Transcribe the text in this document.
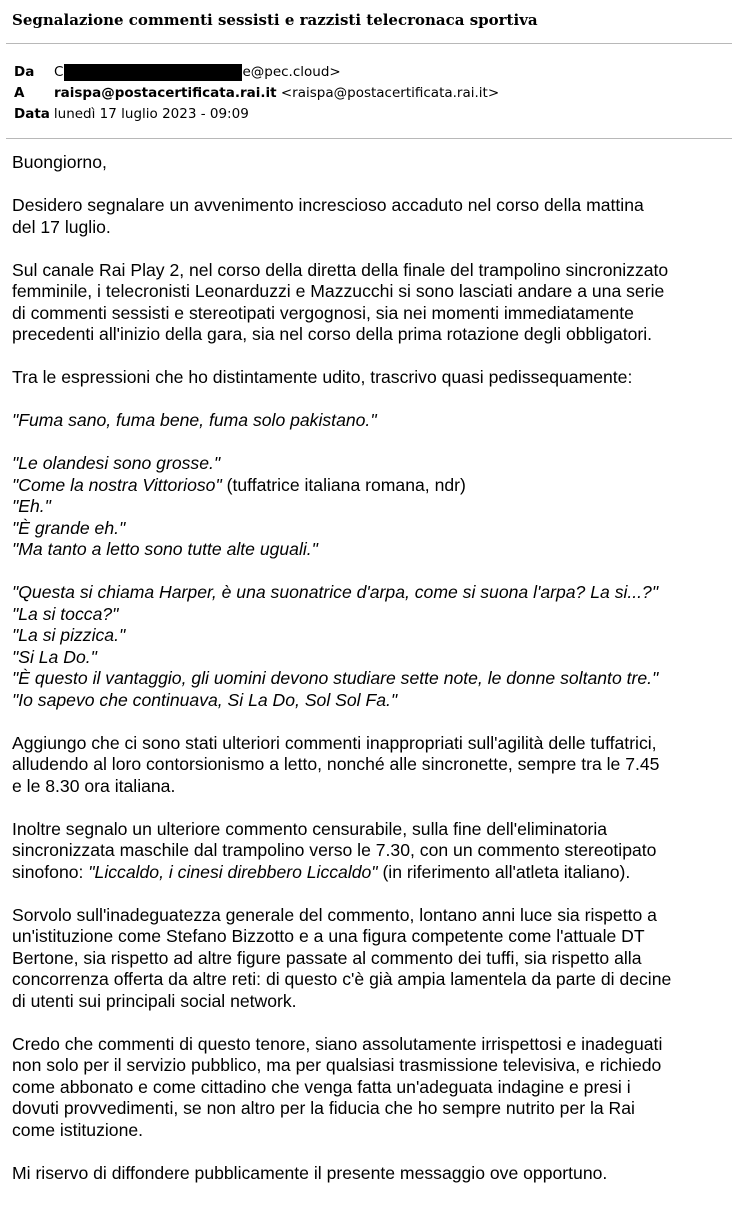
Segnalazione commenti sessisti e razzisti telecronaca sportiva
Da	C	e@pec.cloud>
A	raispa@postacertificata.rai.it <raispa@postacertificata.rai.it>
Data lunedì 17 luglio 2023 - 09:09
Buongiorno,
Desidero segnalare un avvenimento increscioso accaduto nel corso della mattina
del 17 luglio.
Sul canale Rai Play 2, nel corso della diretta della finale del trampolino sincronizzato
femminile, i telecronisti Leonarduzzi e Mazzucchi si sono lasciati andare a una serie
di commenti sessisti e stereotipati vergognosi, sia nei momenti immediatamente
precedenti all'inizio della gara, sia nel corso della prima rotazione degli obbligatori.
Tra le espressioni che ho distintamente udito, trascrivo quasi pedissequamente:
"Fuma sano, fuma bene, fuma solo pakistano."
"Le olandesi sono grosse."
"Come la nostra Vittorioso" (tuffatrice italiana romana, ndr)
"Eh."
"È grande eh."
"Ma tanto a letto sono tutte alte uguali."
"Questa si chiama Harper, è una suonatrice d'arpa, come si suona l'arpa? La si...?"
"La si tocca?"
"La si pizzica."
"Si La Do."
"È questo il vantaggio, gli uomini devono studiare sette note, le donne soltanto tre."
"Io sapevo che continuava, Si La Do, Sol Sol Fa."
Aggiungo che ci sono stati ulteriori commenti inappropriati sull'agilità delle tuffatrici,
alludendo al loro contorsionismo a letto, nonché alle sincronette, sempre tra le 7.45
e le 8.30 ora italiana.
Inoltre segnalo un ulteriore commento censurabile, sulla fine dell'eliminatoria
sincronizzata maschile dal trampolino verso le 7.30, con un commento stereotipato
sinofono: "Liccaldo, i cinesi direbbero Liccaldo" (in riferimento all'atleta italiano).
Sorvolo sull'inadeguatezza generale del commento, lontano anni luce sia rispetto a
un'istituzione come Stefano Bizzotto e a una figura competente come l'attuale DT
Bertone, sia rispetto ad altre figure passate al commento dei tuffi, sia rispetto alla
concorrenza offerta da altre reti: di questo c'è già ampia lamentela da parte di decine
di utenti sui principali social network.
Credo che commenti di questo tenore, siano assolutamente irrispettosi e inadeguati
non solo per il servizio pubblico, ma per qualsiasi trasmissione televisiva, e richiedo
come abbonato e come cittadino che venga fatta un'adeguata indagine e presi i
dovuti provvedimenti, se non altro per la fiducia che ho sempre nutrito per la Rai
come istituzione.
Mi riservo di diffondere pubblicamente il presente messaggio ove opportuno.
